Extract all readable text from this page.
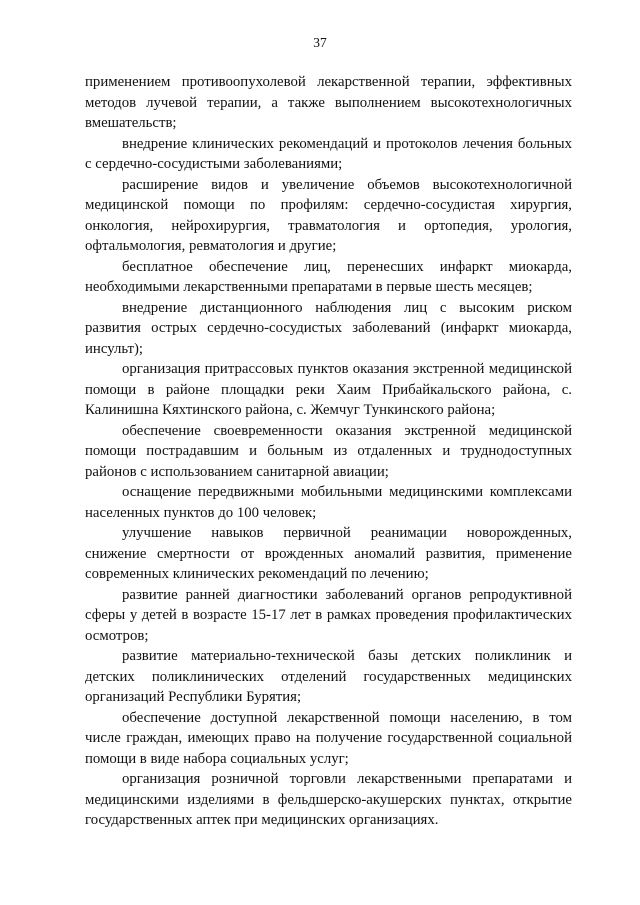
37

применением противоопухолевой лекарственной терапии, эффективных методов лучевой терапии, а также выполнением высокотехнологичных вмешательств;

внедрение клинических рекомендаций и протоколов лечения больных с сердечно-сосудистыми заболеваниями;

расширение видов и увеличение объемов высокотехнологичной медицинской помощи по профилям: сердечно-сосудистая хирургия, онкология, нейрохирургия, травматология и ортопедия, урология, офтальмология, ревматология и другие;

бесплатное обеспечение лиц, перенесших инфаркт миокарда, необходимыми лекарственными препаратами в первые шесть месяцев;

внедрение дистанционного наблюдения лиц с высоким риском развития острых сердечно-сосудистых заболеваний (инфаркт миокарда, инсульт);

организация притрассовых пунктов оказания экстренной медицинской помощи в районе площадки реки Хаим Прибайкальского района, с. Калинишна Кяхтинского района, с. Жемчуг Тункинского района;

обеспечение своевременности оказания экстренной медицинской помощи пострадавшим и больным из отдаленных и труднодоступных районов с использованием санитарной авиации;

оснащение передвижными мобильными медицинскими комплексами населенных пунктов до 100 человек;

улучшение навыков первичной реанимации новорожденных, снижение смертности от врожденных аномалий развития, применение современных клинических рекомендаций по лечению;

развитие ранней диагностики заболеваний органов репродуктивной сферы у детей в возрасте 15-17 лет в рамках проведения профилактических осмотров;

развитие материально-технической базы детских поликлиник и детских поликлинических отделений государственных медицинских организаций Республики Бурятия;

обеспечение доступной лекарственной помощи населению, в том числе граждан, имеющих право на получение государственной социальной помощи в виде набора социальных услуг;

организация розничной торговли лекарственными препаратами и медицинскими изделиями в фельдшерско-акушерских пунктах, открытие государственных аптек при медицинских организациях.
